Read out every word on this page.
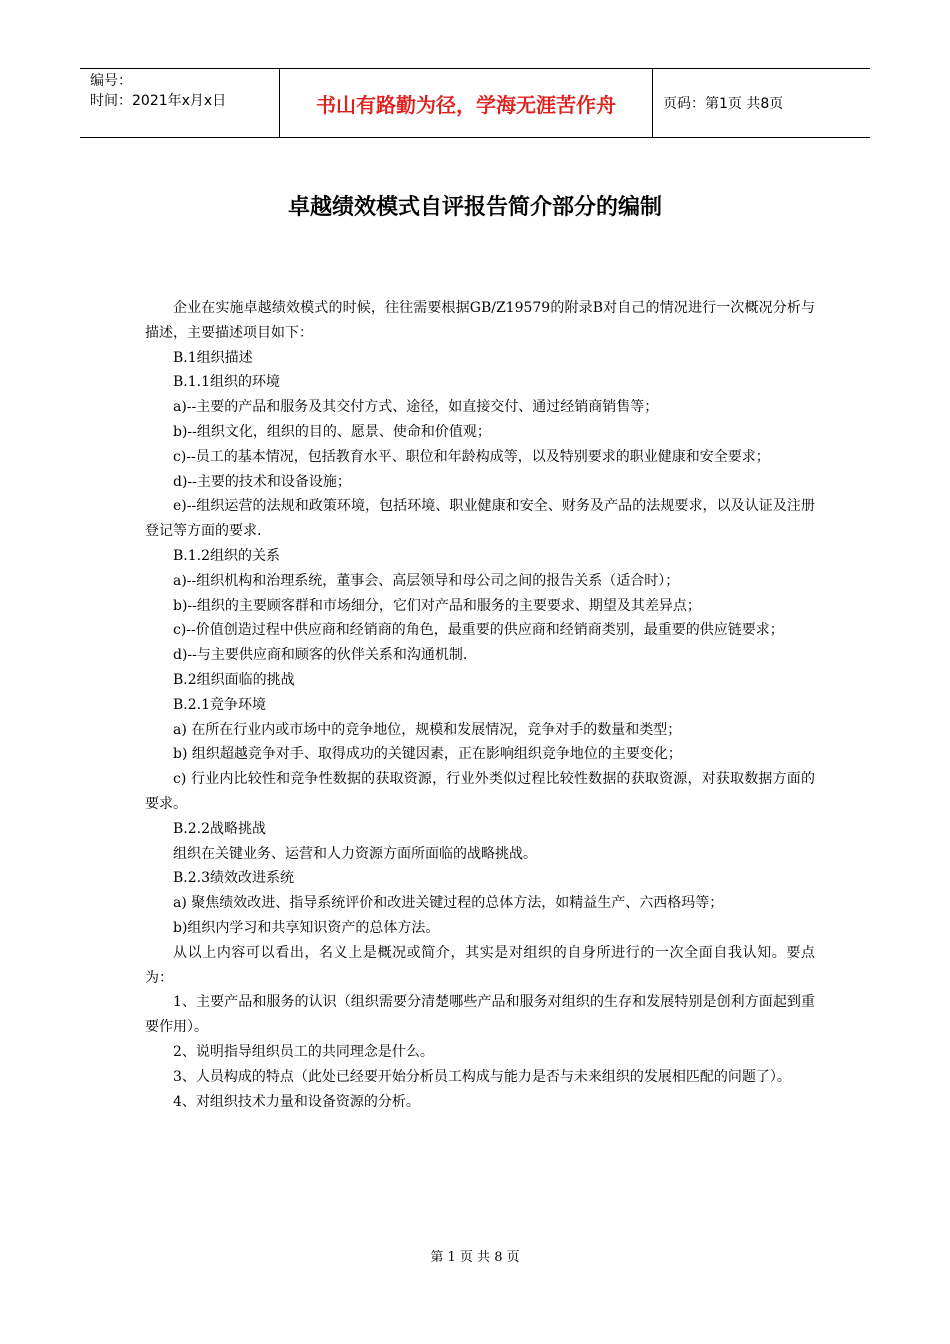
编号：
时间：2021年x月x日	书山有路勤为径，学海无涯苦作舟	页码：第1页 共8页
卓越绩效模式自评报告简介部分的编制

企业在实施卓越绩效模式的时候，往往需要根据GB/Z19579的附录B对自己的情况进行一次概况分析与描述，主要描述项目如下：

B.1组织描述

B.1.1组织的环境

a)--主要的产品和服务及其交付方式、途径，如直接交付、通过经销商销售等；

b)--组织文化，组织的目的、愿景、使命和价值观；

c)--员工的基本情况，包括教育水平、职位和年龄构成等，以及特别要求的职业健康和安全要求；

d)--主要的技术和设备设施；

e)--组织运营的法规和政策环境，包括环境、职业健康和安全、财务及产品的法规要求，以及认证及注册登记等方面的要求.

B.1.2组织的关系

a)--组织机构和治理系统，董事会、高层领导和母公司之间的报告关系（适合时）；

b)--组织的主要顾客群和市场细分，它们对产品和服务的主要要求、期望及其差异点；

c)--价值创造过程中供应商和经销商的角色，最重要的供应商和经销商类别，最重要的供应链要求；

d)--与主要供应商和顾客的伙伴关系和沟通机制.

B.2组织面临的挑战

B.2.1竞争环境

a) 在所在行业内或市场中的竞争地位，规模和发展情况，竞争对手的数量和类型；

b) 组织超越竞争对手、取得成功的关键因素，正在影响组织竞争地位的主要变化；

c) 行业内比较性和竞争性数据的获取资源，行业外类似过程比较性数据的获取资源，对获取数据方面的要求。

B.2.2战略挑战

组织在关键业务、运营和人力资源方面所面临的战略挑战。

B.2.3绩效改进系统

a) 聚焦绩效改进、指导系统评价和改进关键过程的总体方法，如精益生产、六西格玛等；

b)组织内学习和共享知识资产的总体方法。

从以上内容可以看出，名义上是概况或简介，其实是对组织的自身所进行的一次全面自我认知。要点为：

1、主要产品和服务的认识（组织需要分清楚哪些产品和服务对组织的生存和发展特别是创利方面起到重要作用）。

2、说明指导组织员工的共同理念是什么。

3、人员构成的特点（此处已经要开始分析员工构成与能力是否与未来组织的发展相匹配的问题了）。

4、对组织技术力量和设备资源的分析。

第 1 页 共 8 页
